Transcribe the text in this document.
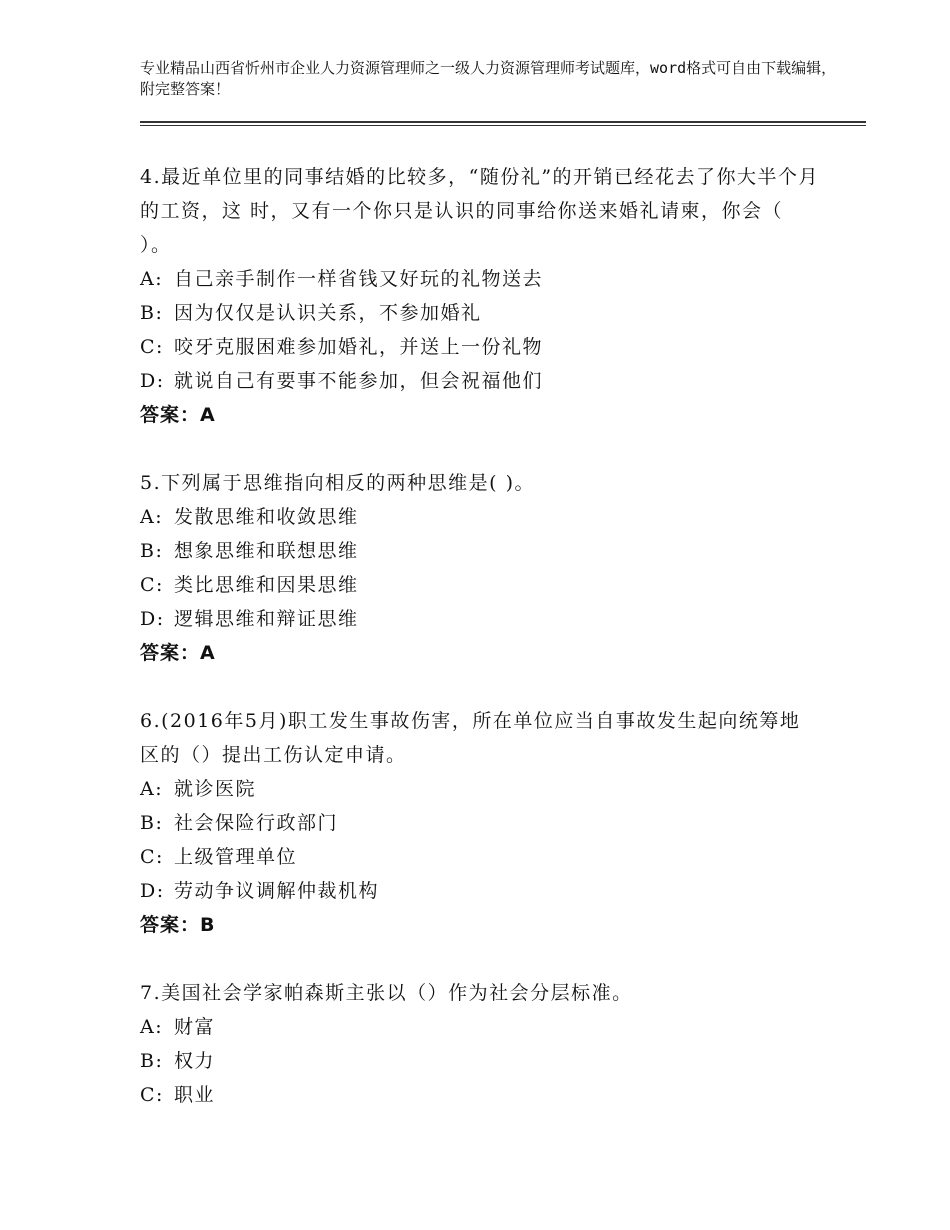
专业精品山西省忻州市企业人力资源管理师之一级人力资源管理师考试题库，word格式可自由下载编辑，附完整答案！
4.最近单位里的同事结婚的比较多，“随份礼”的开销已经花去了你大半个月的工资，这 时，又有一个你只是认识的同事给你送来婚礼请柬，你会（ ）。
A: 自己亲手制作一样省钱又好玩的礼物送去
B: 因为仅仅是认识关系，不参加婚礼
C: 咬牙克服困难参加婚礼，并送上一份礼物
D: 就说自己有要事不能参加，但会祝福他们
答案：A
5.下列属于思维指向相反的两种思维是( )。
A: 发散思维和收敛思维
B: 想象思维和联想思维
C: 类比思维和因果思维
D: 逻辑思维和辩证思维
答案：A
6.(2016年5月)职工发生事故伤害，所在单位应当自事故发生起向统筹地区的（）提出工伤认定申请。
A: 就诊医院
B: 社会保险行政部门
C: 上级管理单位
D: 劳动争议调解仲裁机构
答案：B
7.美国社会学家帕森斯主张以（）作为社会分层标准。
A: 财富
B: 权力
C: 职业
